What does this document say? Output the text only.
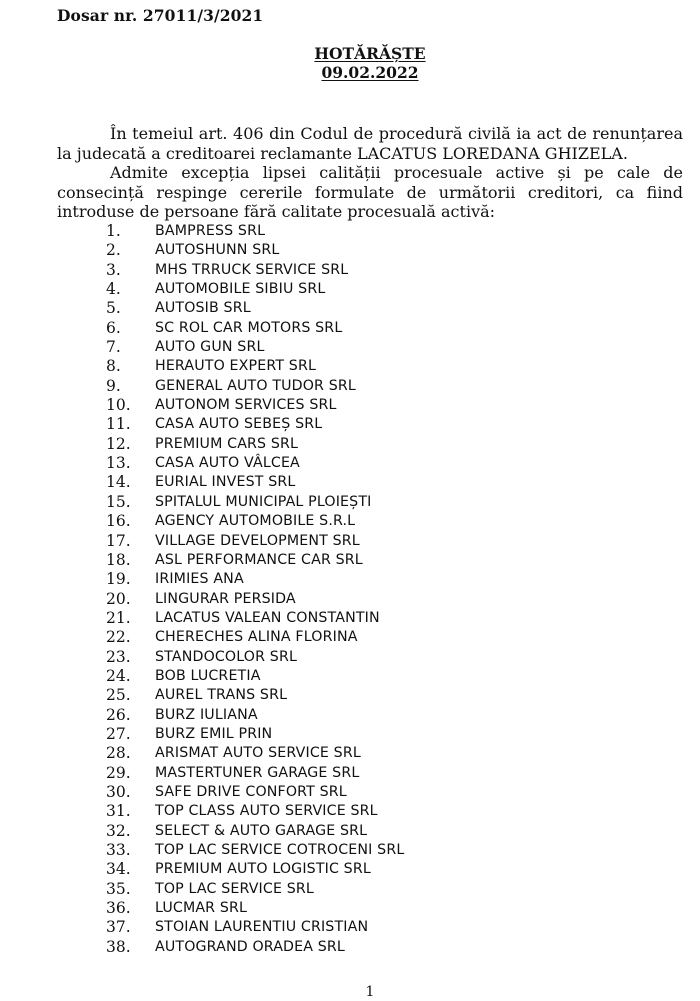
Dosar nr. 27011/3/2021
HOTĂRĂȘTE
09.02.2022
În temeiul art. 406 din Codul de procedură civilă ia act de renunțarea la judecată a creditoarei reclamante LACATUS LOREDANA GHIZELA.
Admite excepția lipsei calității procesuale active și pe cale de consecință respinge cererile formulate de următorii creditori, ca fiind introduse de persoane fără calitate procesuală activă:
1. BAMPRESS SRL
2. AUTOSHUNN SRL
3. MHS TRRUCK SERVICE SRL
4. AUTOMOBILE SIBIU SRL
5. AUTOSIB SRL
6. SC ROL CAR MOTORS SRL
7. AUTO GUN SRL
8. HERAUTO EXPERT SRL
9. GENERAL AUTO TUDOR SRL
10. AUTONOM SERVICES SRL
11. CASA AUTO SEBEȘ SRL
12. PREMIUM CARS SRL
13. CASA AUTO VÂLCEA
14. EURIAL INVEST SRL
15. SPITALUL MUNICIPAL PLOIEȘTI
16. AGENCY AUTOMOBILE S.R.L
17. VILLAGE DEVELOPMENT SRL
18. ASL PERFORMANCE CAR SRL
19. IRIMIES ANA
20. LINGURAR PERSIDA
21. LACATUS VALEAN CONSTANTIN
22. CHERECHES ALINA FLORINA
23. STANDOCOLOR SRL
24. BOB LUCRETIA
25. AUREL TRANS SRL
26. BURZ IULIANA
27. BURZ EMIL PRIN
28. ARISMAT AUTO SERVICE SRL
29. MASTERTUNER GARAGE SRL
30. SAFE DRIVE CONFORT SRL
31. TOP CLASS AUTO SERVICE SRL
32. SELECT & AUTO GARAGE SRL
33. TOP LAC SERVICE COTROCENI SRL
34. PREMIUM AUTO LOGISTIC SRL
35. TOP LAC SERVICE SRL
36. LUCMAR SRL
37. STOIAN LAURENTIU CRISTIAN
38. AUTOGRAND ORADEA SRL
1
